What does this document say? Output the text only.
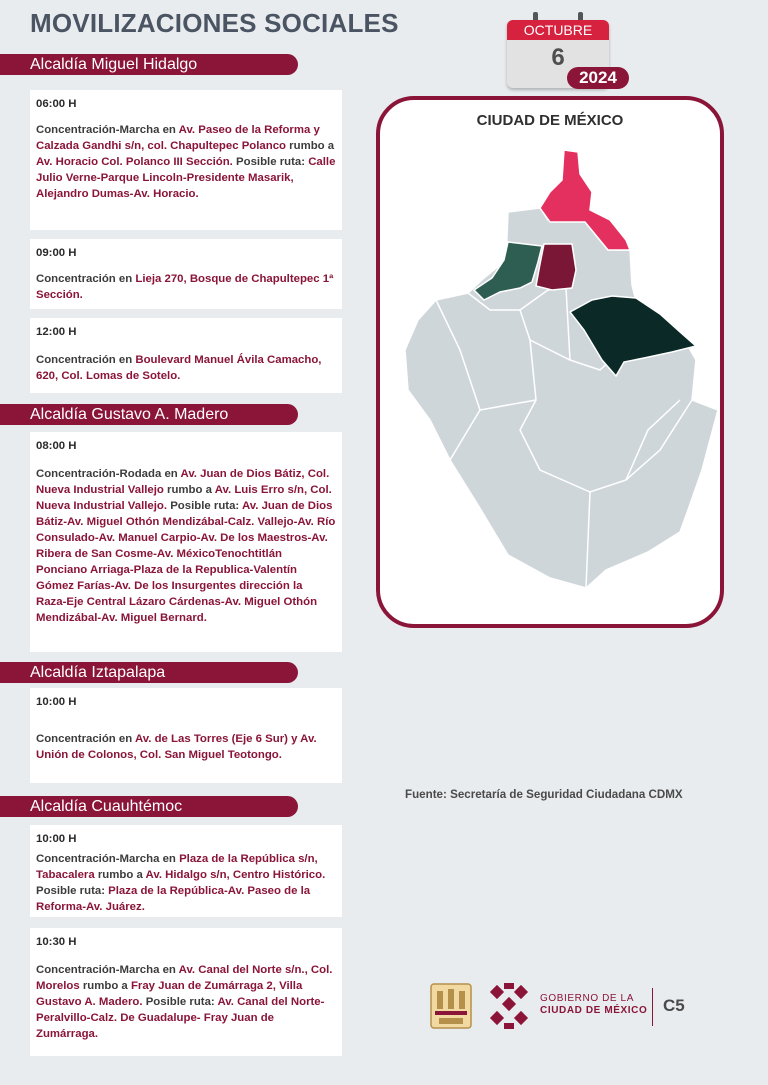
MOVILIZACIONES SOCIALES	OCTUBRE
6
2024
Alcaldía Miguel Hidalgo
Alcaldía Gustavo A. Madero
Alcaldía Iztapalapa
Alcaldía Cuauhtémoc
06:00 H
Concentración-Marcha en Av. Paseo de la Reforma y Calzada Gandhi s/n, col. Chapultepec Polanco rumbo a Av. Horacio Col. Polanco III Sección. Posible ruta: Calle Julio Verne-Parque Lincoln-Presidente Masarik, Alejandro Dumas-Av. Horacio.
09:00 H
Concentración en Lieja 270, Bosque de Chapultepec 1ª Sección.
12:00 H
Concentración en Boulevard Manuel Ávila Camacho, 620, Col. Lomas de Sotelo.
08:00 H
Concentración-Rodada en Av. Juan de Dios Bátiz, Col. Nueva Industrial Vallejo rumbo a Av. Luis Erro s/n, Col. Nueva Industrial Vallejo. Posible ruta: Av. Juan de Dios Bátiz-Av. Miguel Othón Mendizábal-Calz. Vallejo-Av. Río Consulado-Av. Manuel Carpio-Av. De los Maestros-Av. Ribera de San Cosme-Av. MéxicoTenochtitlán Ponciano Arriaga-Plaza de la Republica-Valentín Gómez Farías-Av. De los Insurgentes dirección la Raza-Eje Central Lázaro Cárdenas-Av. Miguel Othón Mendizábal-Av. Miguel Bernard.
10:00 H
Concentración en Av. de Las Torres (Eje 6 Sur) y Av. Unión de Colonos, Col. San Miguel Teotongo.
10:00 H
Concentración-Marcha en Plaza de la República s/n, Tabacalera rumbo a Av. Hidalgo s/n, Centro Histórico. Posible ruta: Plaza de la República-Av. Paseo de la Reforma-Av. Juárez.
10:30 H
Concentración-Marcha en Av. Canal del Norte s/n., Col. Morelos rumbo a Fray Juan de Zumárraga 2, Villa Gustavo A. Madero. Posible ruta: Av. Canal del Norte-Peralvillo-Calz. De Guadalupe- Fray Juan de Zumárraga.
CIUDAD DE MÉXICO
Fuente: Secretaría de Seguridad Ciudadana CDMX
GOBIERNO DE LA
CIUDAD DE MÉXICO C5
